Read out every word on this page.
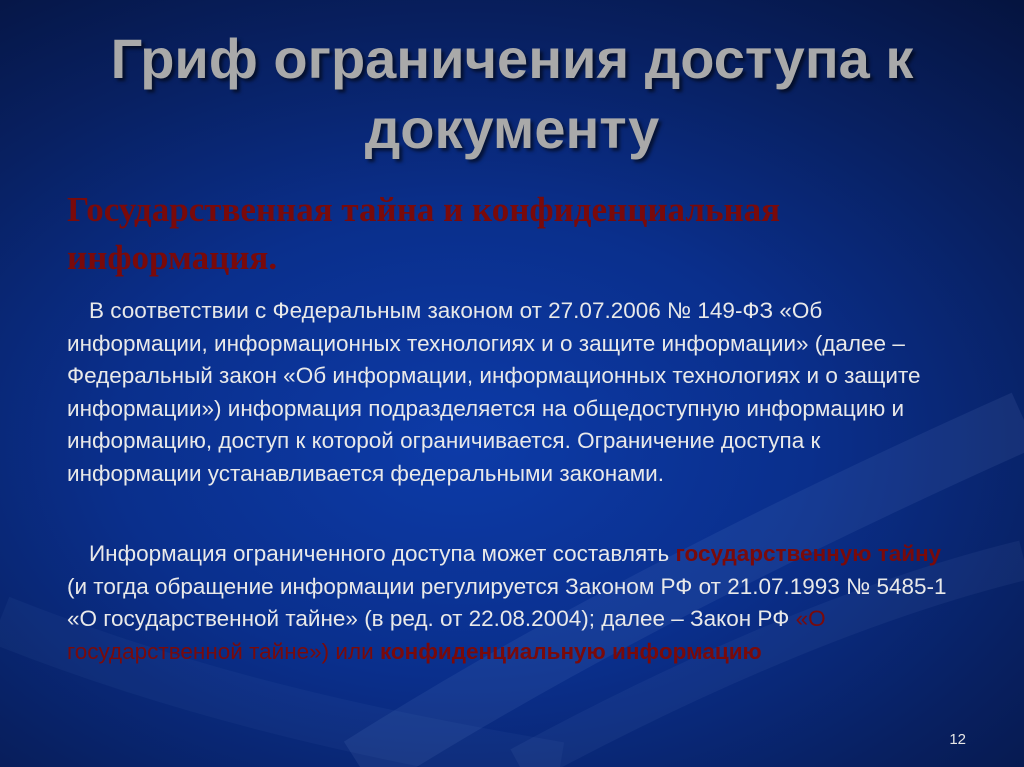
Гриф ограничения доступа к документу
Государственная тайна и конфиденциальная информация.

В соответствии с Федеральным законом от 27.07.2006 № 149-ФЗ «Об информации, информационных технологиях и о защите информации» (далее – Федеральный закон «Об информации, информационных технологиях и о защите информации») информация подразделяется на общедоступную информацию и информацию, доступ к которой ограничивается. Ограничение доступа к информации устанавливается федеральными законами.

Информация ограниченного доступа может составлять государственную тайну (и тогда обращение информации регулируется Законом РФ от 21.07.1993 № 5485-1 «О государственной тайне» (в ред. от 22.08.2004); далее – Закон РФ «О государственной тайне») или конфиденциальную информацию

12
